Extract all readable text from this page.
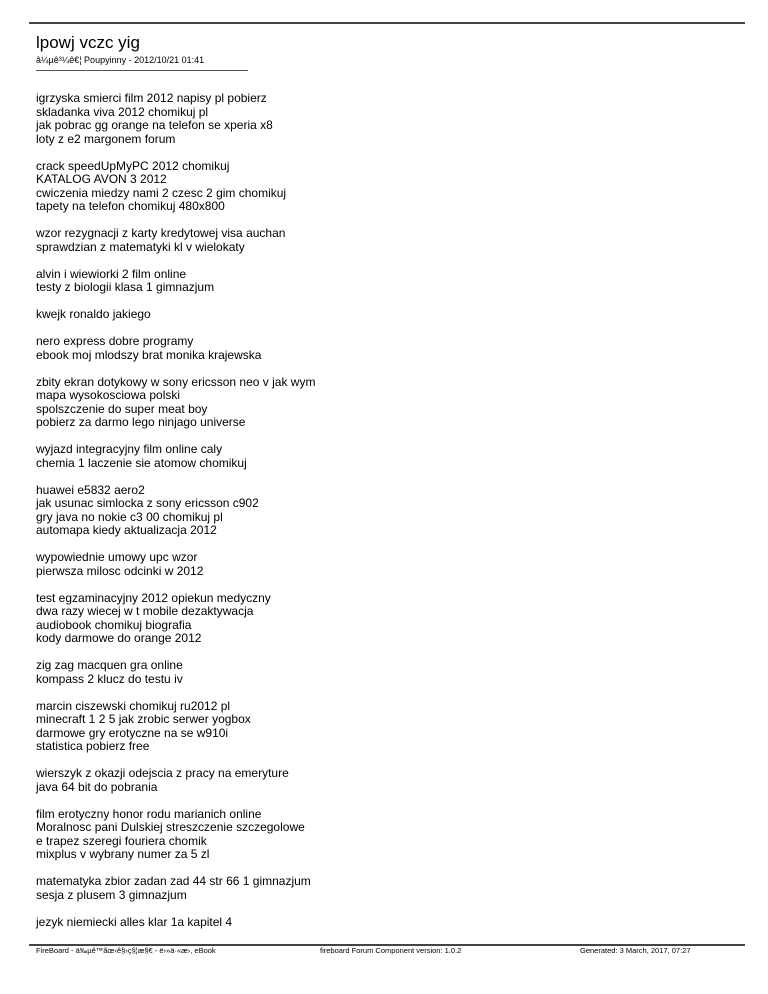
lpowj vczc yig
â¼µê³¼ê€¦ Poupyinny - 2012/10/21 01:41
igrzyska smierci film 2012 napisy pl pobierz
skladanka viva 2012 chomikuj pl
jak pobrac gg orange na telefon se xperia x8
loty z e2 margonem forum
crack speedUpMyPC 2012 chomikuj
KATALOG AVON 3 2012
cwiczenia miedzy nami 2 czesc 2 gim chomikuj
tapety na telefon chomikuj 480x800
wzor rezygnacji z karty kredytowej visa auchan
sprawdzian z matematyki kl v wielokaty
alvin i wiewiorki 2 film online
testy z biologii klasa 1 gimnazjum
kwejk ronaldo jakiego
nero express dobre programy
ebook moj mlodszy brat monika krajewska
zbity ekran dotykowy w sony ericsson neo v jak wym
mapa wysokosciowa polski
spolszczenie do super meat boy
pobierz za darmo lego ninjago universe
wyjazd integracyjny film online caly
chemia 1 laczenie sie atomow chomikuj
huawei e5832 aero2
jak usunac simlocka z sony ericsson c902
gry java no nokie c3 00 chomikuj pl
automapa kiedy aktualizacja 2012
wypowiednie umowy upc wzor
pierwsza milosc odcinki w 2012
test egzaminacyjny 2012 opiekun medyczny
dwa razy wiecej w t mobile dezaktywacja
audiobook chomikuj biografia
kody darmowe do orange 2012
zig zag macquen gra online
kompass 2 klucz do testu iv
marcin ciszewski chomikuj ru2012 pl
minecraft 1 2 5 jak zrobic serwer yogbox
darmowe gry erotyczne na se w910i
statistica pobierz free
wierszyk z okazji odejscia z pracy na emeryture
java 64 bit do pobrania
film erotyczny honor rodu marianich online
Moralnosc pani Dulskiej streszczenie szczegolowe
e trapez szeregi fouriera chomik
mixplus v wybrany numer za 5 zl
matematyka zbior zadan zad 44 str 66 1 gimnazjum
sesja z plusem 3 gimnazjum
jezyk niemiecki alles klar 1a kapitel 4
FireBoard - ä‰µê™ãœ‹ê§›ç§¦æ§€ - ë›»ä·«æ›, eBook	fireboard Forum Component version: 1.0.2	Generated: 3 March, 2017, 07:27
